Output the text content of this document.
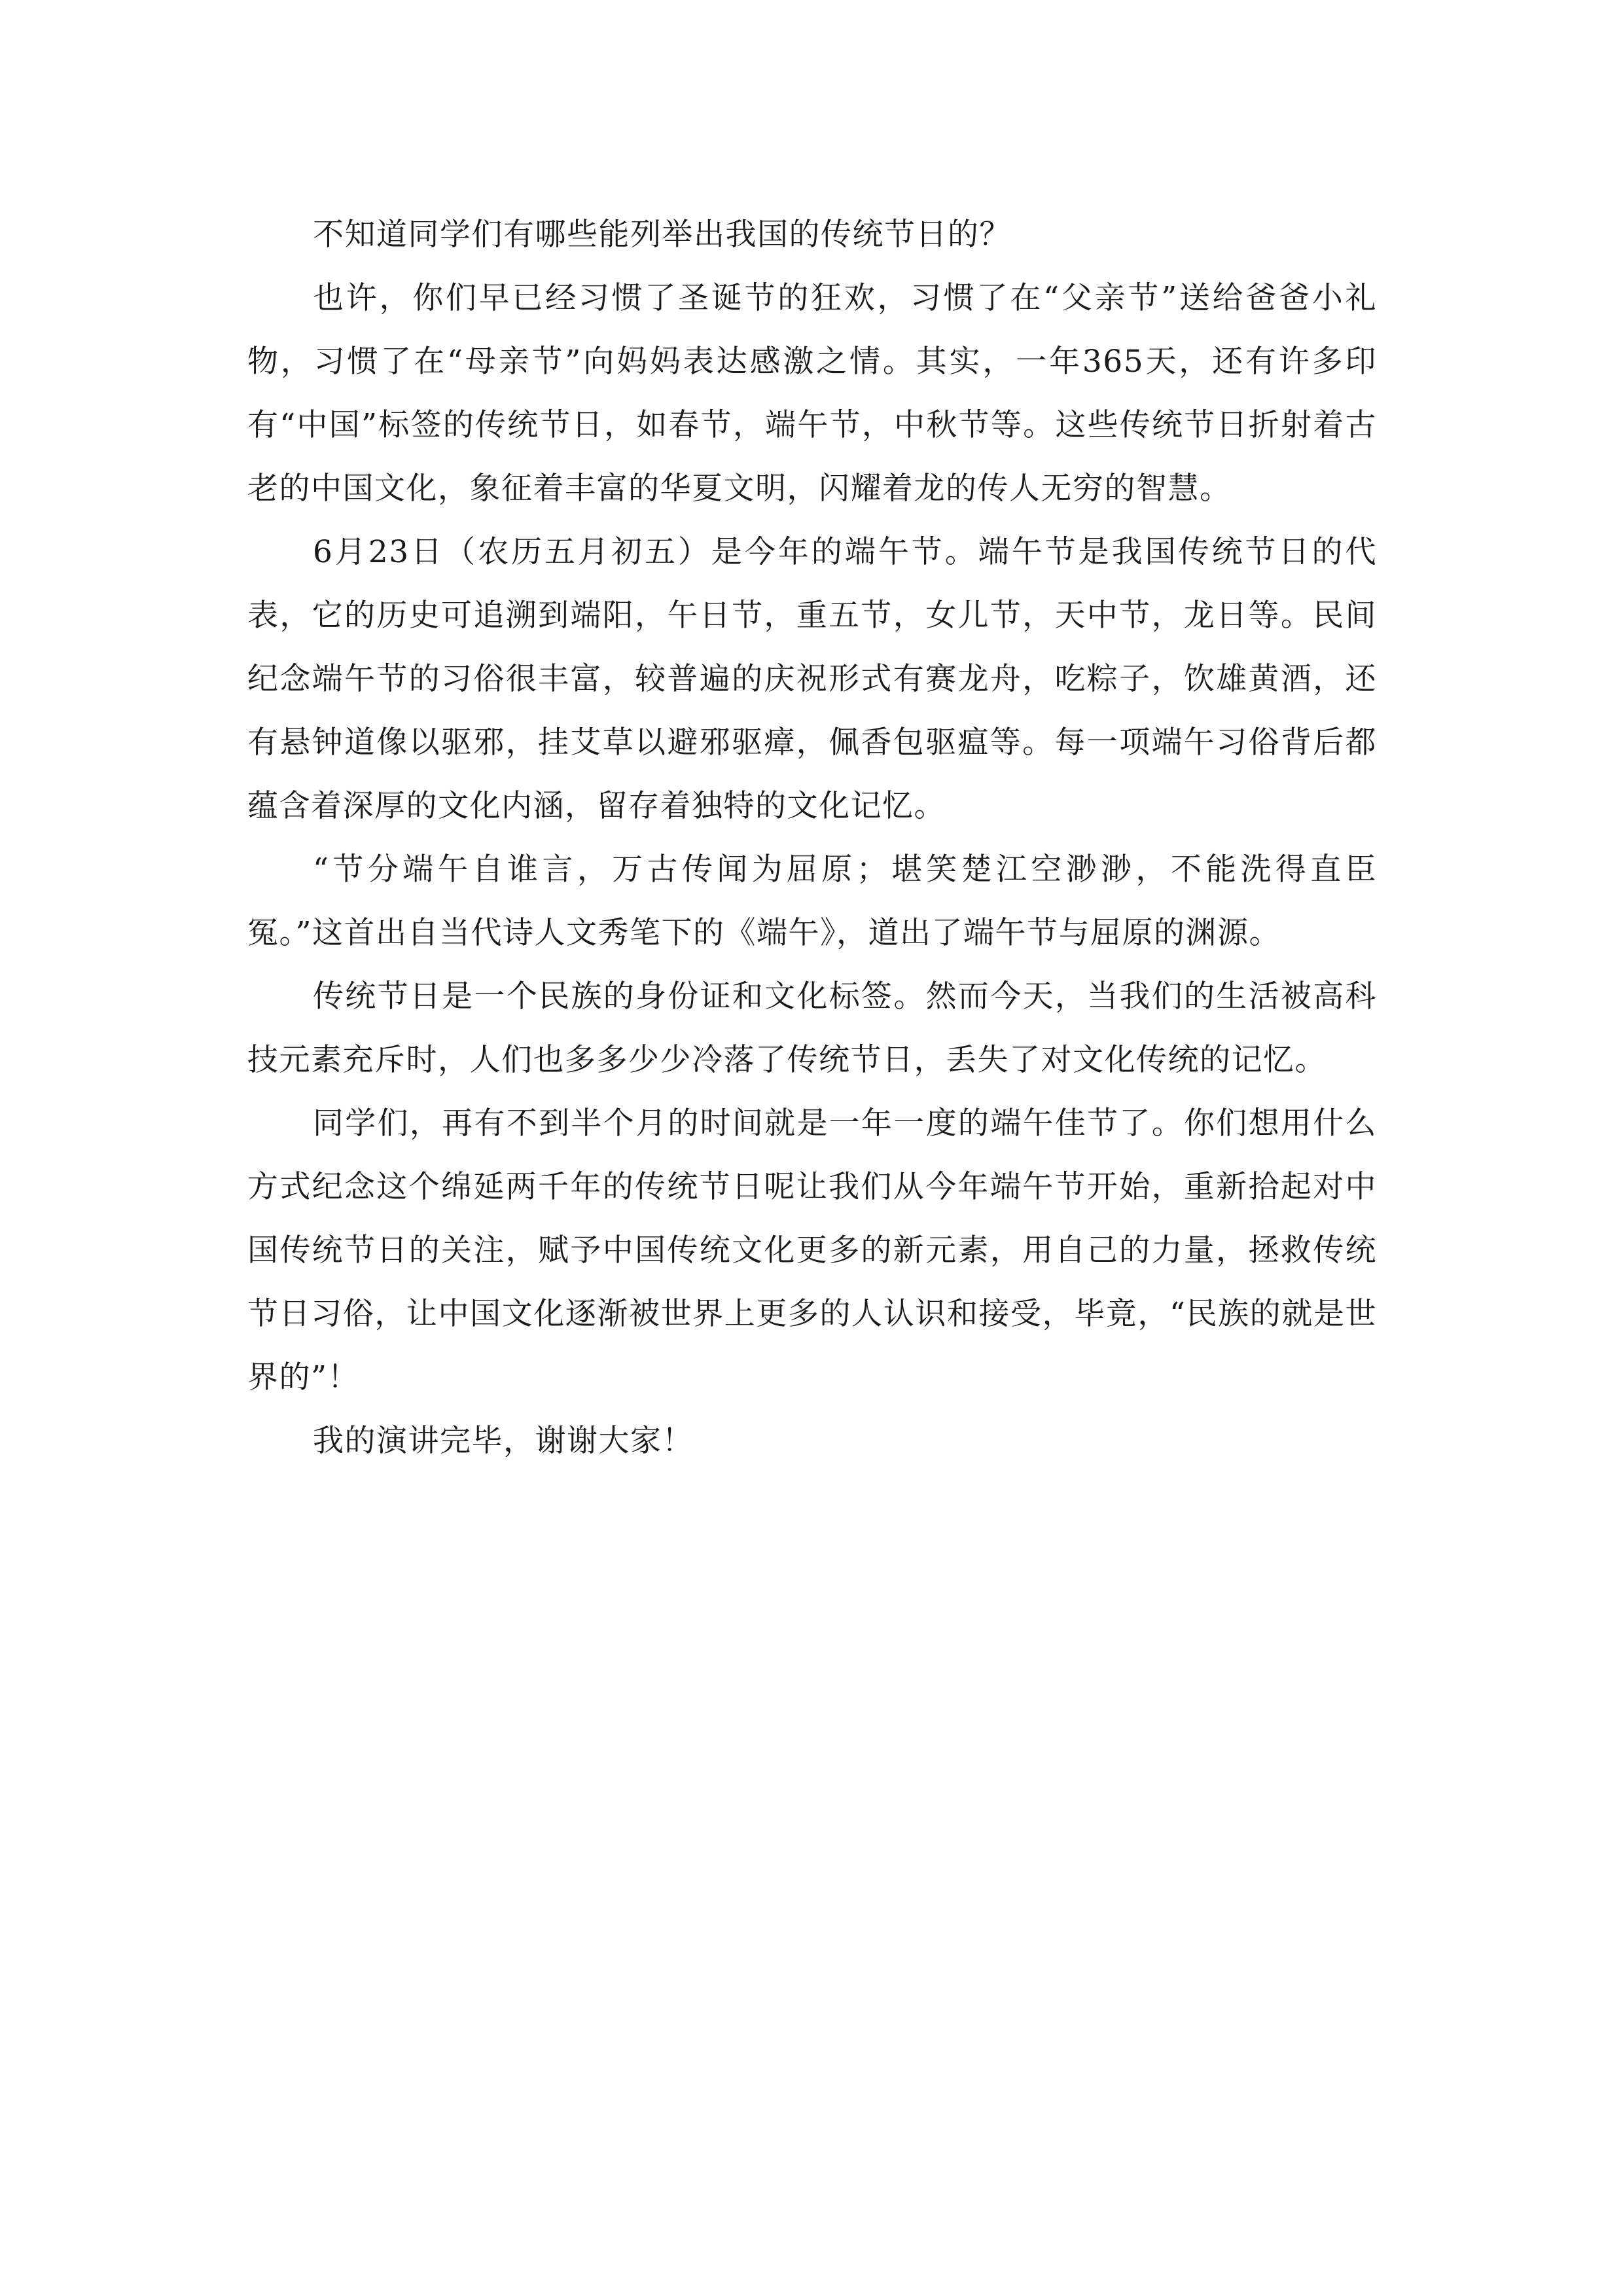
不知道同学们有哪些能列举出我国的传统节日的？

也许，你们早已经习惯了圣诞节的狂欢，习惯了在“父亲节”送给爸爸小礼物，习惯了在“母亲节”向妈妈表达感激之情。其实，一年365天，还有许多印有“中国”标签的传统节日，如春节，端午节，中秋节等。这些传统节日折射着古老的中国文化，象征着丰富的华夏文明，闪耀着龙的传人无穷的智慧。

6月23日（农历五月初五）是今年的端午节。端午节是我国传统节日的代表，它的历史可追溯到端阳，午日节，重五节，女儿节，天中节，龙日等。民间纪念端午节的习俗很丰富，较普遍的庆祝形式有赛龙舟，吃粽子，饮雄黄酒，还有悬钟道像以驱邪，挂艾草以避邪驱瘴，佩香包驱瘟等。每一项端午习俗背后都蕴含着深厚的文化内涵，留存着独特的文化记忆。

“节分端午自谁言，万古传闻为屈原；堪笑楚江空渺渺，不能洗得直臣冤。”这首出自当代诗人文秀笔下的《端午》，道出了端午节与屈原的渊源。

传统节日是一个民族的身份证和文化标签。然而今天，当我们的生活被高科技元素充斥时，人们也多多少少冷落了传统节日，丢失了对文化传统的记忆。

同学们，再有不到半个月的时间就是一年一度的端午佳节了。你们想用什么方式纪念这个绵延两千年的传统节日呢让我们从今年端午节开始，重新拾起对中国传统节日的关注，赋予中国传统文化更多的新元素，用自己的力量，拯救传统节日习俗，让中国文化逐渐被世界上更多的人认识和接受，毕竟，“民族的就是世界的”！

我的演讲完毕，谢谢大家！
